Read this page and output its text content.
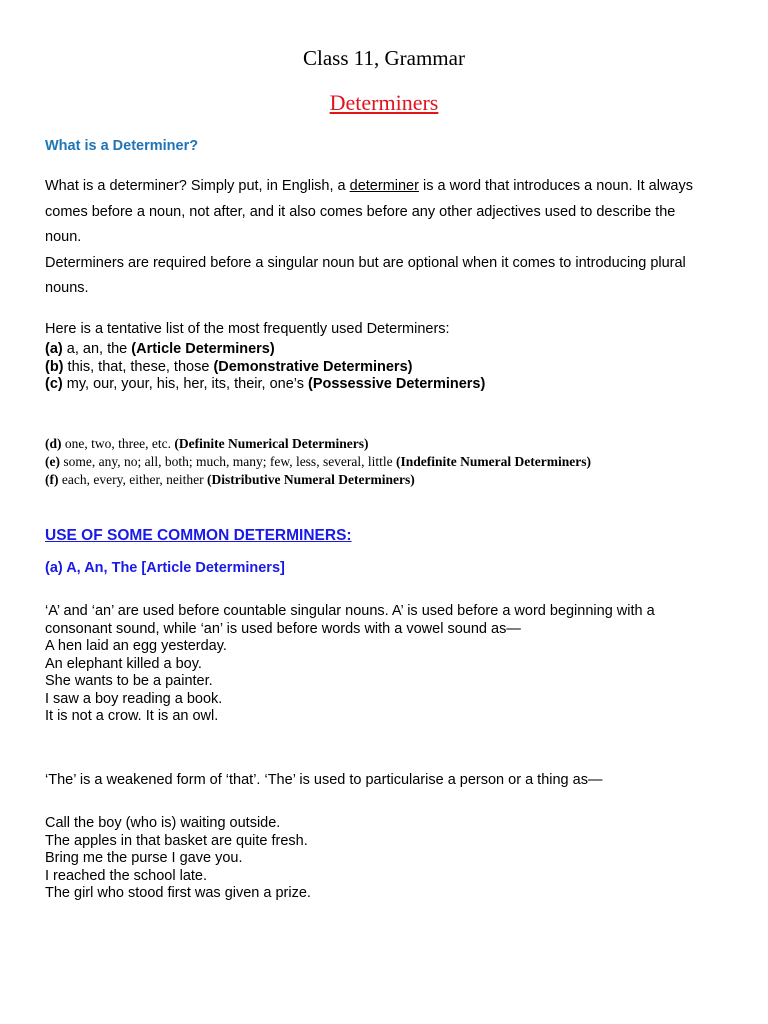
Class 11, Grammar
Determiners
What is a Determiner?
What is a determiner? Simply put, in English, a determiner is a word that introduces a noun. It always
comes before a noun, not after, and it also comes before any other adjectives used to describe the
noun.
Determiners are required before a singular noun but are optional when it comes to introducing plural
nouns.
Here is a tentative list of the most frequently used Determiners:
(a) a, an, the (Article Determiners)
(b) this, that, these, those (Demonstrative Determiners)
(c) my, our, your, his, her, its, their, one’s (Possessive Determiners)
(d) one, two, three, etc. (Definite Numerical Determiners)
(e) some, any, no; all, both; much, many; few, less, several, little (Indefinite Numeral Determiners)
(f) each, every, either, neither (Distributive Numeral Determiners)
USE OF SOME COMMON DETERMINERS:
(a) A, An, The [Article Determiners]
‘A’ and ‘an’ are used before countable singular nouns. A’ is used before a word beginning with a
consonant sound, while ‘an’ is used before words with a vowel sound as—
A hen laid an egg yesterday.
An elephant killed a boy.
She wants to be a painter.
I saw a boy reading a book.
It is not a crow. It is an owl.
‘The’ is a weakened form of ‘that’. ‘The’ is used to particularise a person or a thing as—
Call the boy (who is) waiting outside.
The apples in that basket are quite fresh.
Bring me the purse I gave you.
I reached the school late.
The girl who stood first was given a prize.
